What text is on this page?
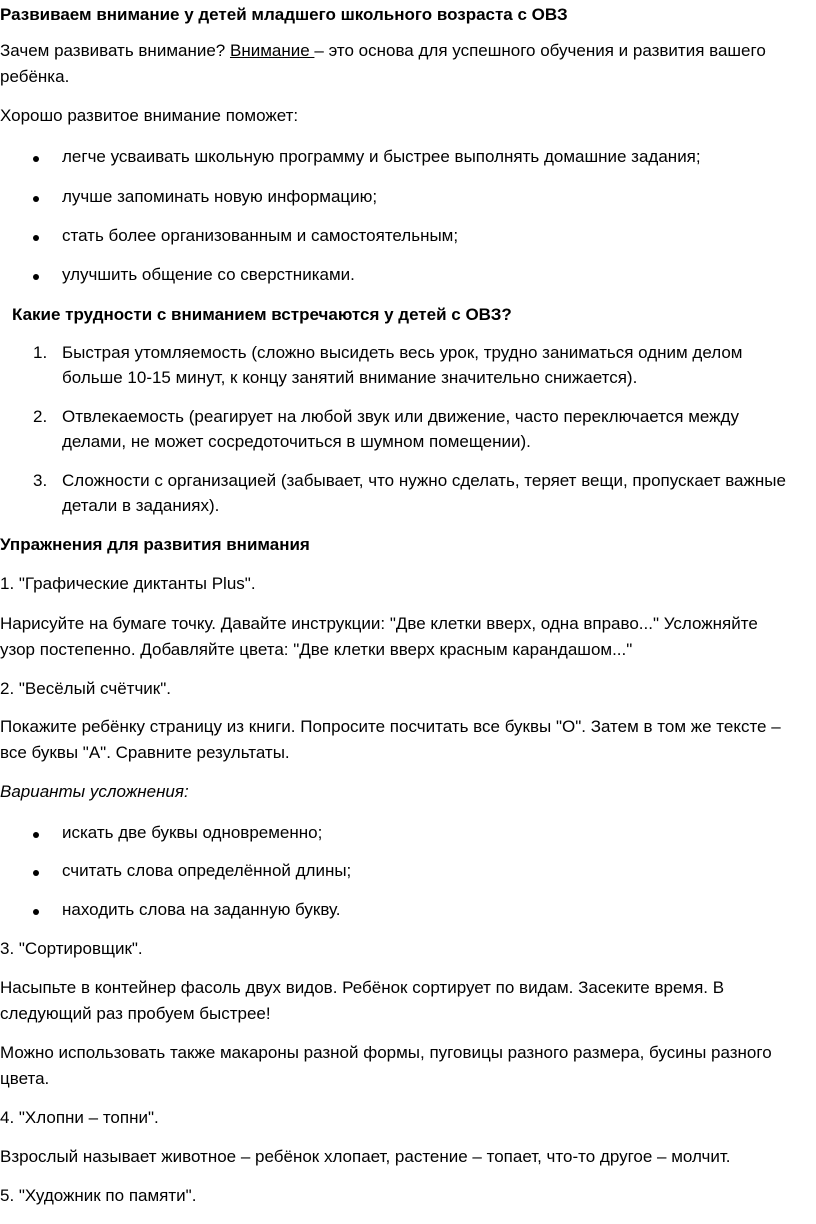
Развиваем внимание у детей младшего школьного возраста с ОВЗ
Зачем развивать внимание? Внимание – это основа для успешного обучения и развития вашего
ребёнка.
Хорошо развитое внимание поможет:
легче усваивать школьную программу и быстрее выполнять домашние задания;
лучше запоминать новую информацию;
стать более организованным и самостоятельным;
улучшить общение со сверстниками.
Какие трудности с вниманием встречаются у детей с ОВЗ?
1. Быстрая утомляемость (сложно высидеть весь урок, трудно заниматься одним делом
больше 10-15 минут, к концу занятий внимание значительно снижается).
2. Отвлекаемость (реагирует на любой звук или движение, часто переключается между
делами, не может сосредоточиться в шумном помещении).
3. Сложности с организацией (забывает, что нужно сделать, теряет вещи, пропускает важные
детали в заданиях).
Упражнения для развития внимания
1. "Графические диктанты Plus".
Нарисуйте на бумаге точку. Давайте инструкции: "Две клетки вверх, одна вправо..." Усложняйте
узор постепенно. Добавляйте цвета: "Две клетки вверх красным карандашом..."
2. "Весёлый счётчик".
Покажите ребёнку страницу из книги. Попросите посчитать все буквы "О". Затем в том же тексте –
все буквы "А". Сравните результаты.
Варианты усложнения:
искать две буквы одновременно;
считать слова определённой длины;
находить слова на заданную букву.
3. "Сортировщик".
Насыпьте в контейнер фасоль двух видов. Ребёнок сортирует по видам. Засеките время. В
следующий раз пробуем быстрее!
Можно использовать также макароны разной формы, пуговицы разного размера, бусины разного
цвета.
4. "Хлопни – топни".
Взрослый называет животное – ребёнок хлопает, растение – топает, что-то другое – молчит.
5. "Художник по памяти".
